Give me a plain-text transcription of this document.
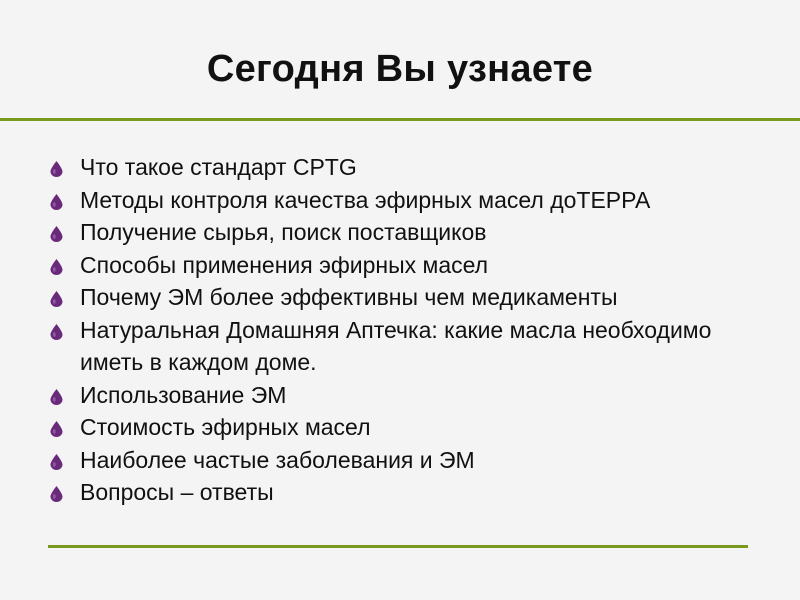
Сегодня Вы узнаете
Что такое стандарт CPTG
Методы контроля качества эфирных масел доТЕРРА
Получение сырья, поиск поставщиков
Способы применения эфирных масел
Почему ЭМ более эффективны чем медикаменты
Натуральная Домашняя Аптечка: какие масла необходимо иметь в каждом доме.
Использование ЭМ
Стоимость эфирных масел
Наиболее частые заболевания и ЭМ
Вопросы – ответы
